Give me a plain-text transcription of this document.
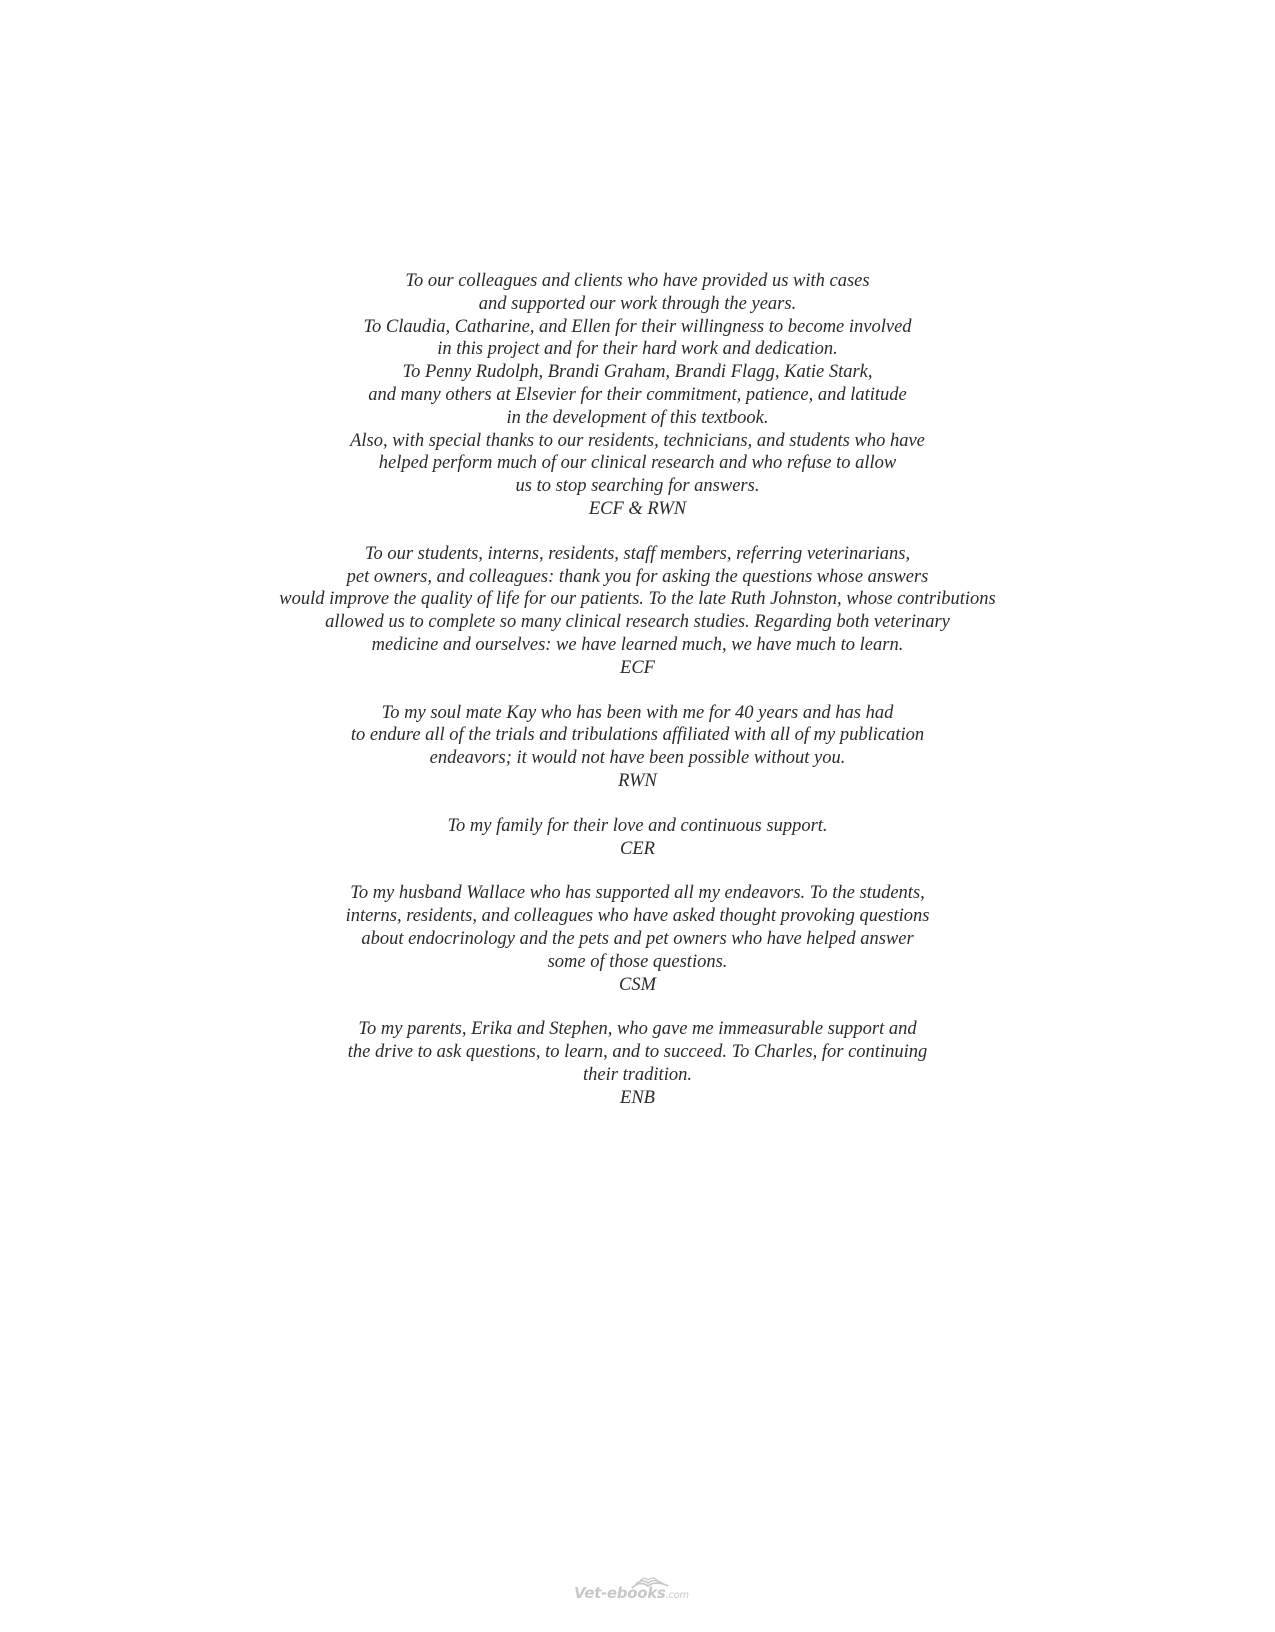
To our colleagues and clients who have provided us with cases
and supported our work through the years.
To Claudia, Catharine, and Ellen for their willingness to become involved
in this project and for their hard work and dedication.
To Penny Rudolph, Brandi Graham, Brandi Flagg, Katie Stark,
and many others at Elsevier for their commitment, patience, and latitude
in the development of this textbook.
Also, with special thanks to our residents, technicians, and students who have
helped perform much of our clinical research and who refuse to allow
us to stop searching for answers.
ECF & RWN
To our students, interns, residents, staff members, referring veterinarians,
pet owners, and colleagues: thank you for asking the questions whose answers
would improve the quality of life for our patients. To the late Ruth Johnston, whose contributions
allowed us to complete so many clinical research studies. Regarding both veterinary
medicine and ourselves: we have learned much, we have much to learn.
ECF
To my soul mate Kay who has been with me for 40 years and has had
to endure all of the trials and tribulations affiliated with all of my publication
endeavors; it would not have been possible without you.
RWN
To my family for their love and continuous support.
CER
To my husband Wallace who has supported all my endeavors. To the students,
interns, residents, and colleagues who have asked thought provoking questions
about endocrinology and the pets and pet owners who have helped answer
some of those questions.
CSM
To my parents, Erika and Stephen, who gave me immeasurable support and
the drive to ask questions, to learn, and to succeed. To Charles, for continuing
their tradition.
ENB
Vet-ebooks.com
